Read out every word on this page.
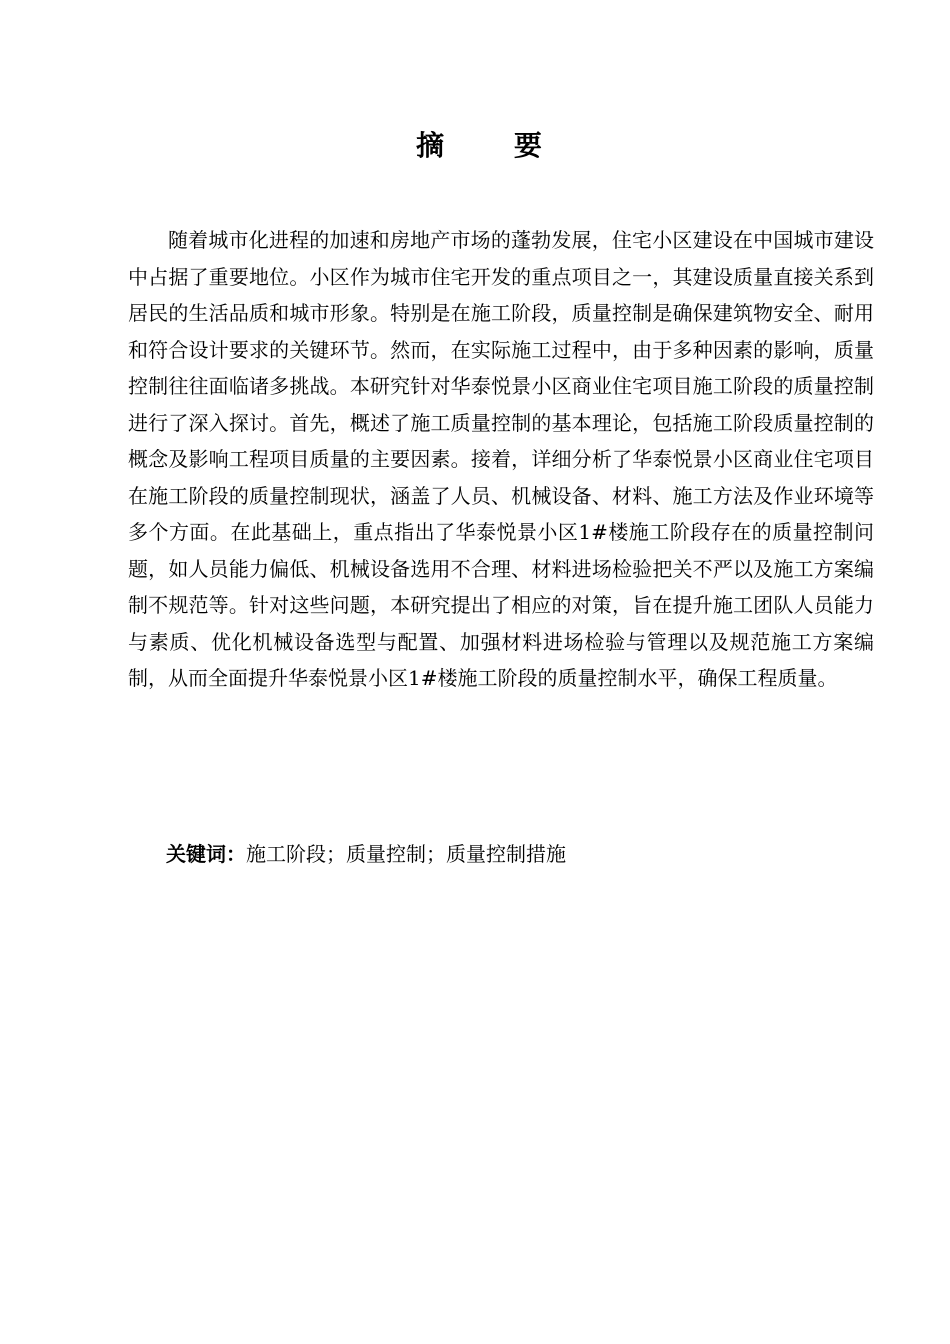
摘 要

随着城市化进程的加速和房地产市场的蓬勃发展，住宅小区建设在中国城市建设中占据了重要地位。小区作为城市住宅开发的重点项目之一，其建设质量直接关系到居民的生活品质和城市形象。特别是在施工阶段，质量控制是确保建筑物安全、耐用和符合设计要求的关键环节。然而，在实际施工过程中，由于多种因素的影响，质量控制往往面临诸多挑战。本研究针对华泰悦景小区商业住宅项目施工阶段的质量控制进行了深入探讨。首先，概述了施工质量控制的基本理论，包括施工阶段质量控制的概念及影响工程项目质量的主要因素。接着，详细分析了华泰悦景小区商业住宅项目在施工阶段的质量控制现状，涵盖了人员、机械设备、材料、施工方法及作业环境等多个方面。在此基础上，重点指出了华泰悦景小区1#楼施工阶段存在的质量控制问题，如人员能力偏低、机械设备选用不合理、材料进场检验把关不严以及施工方案编制不规范等。针对这些问题，本研究提出了相应的对策，旨在提升施工团队人员能力与素质、优化机械设备选型与配置、加强材料进场检验与管理以及规范施工方案编制，从而全面提升华泰悦景小区1#楼施工阶段的质量控制水平，确保工程质量。

关键词：施工阶段；质量控制；质量控制措施
